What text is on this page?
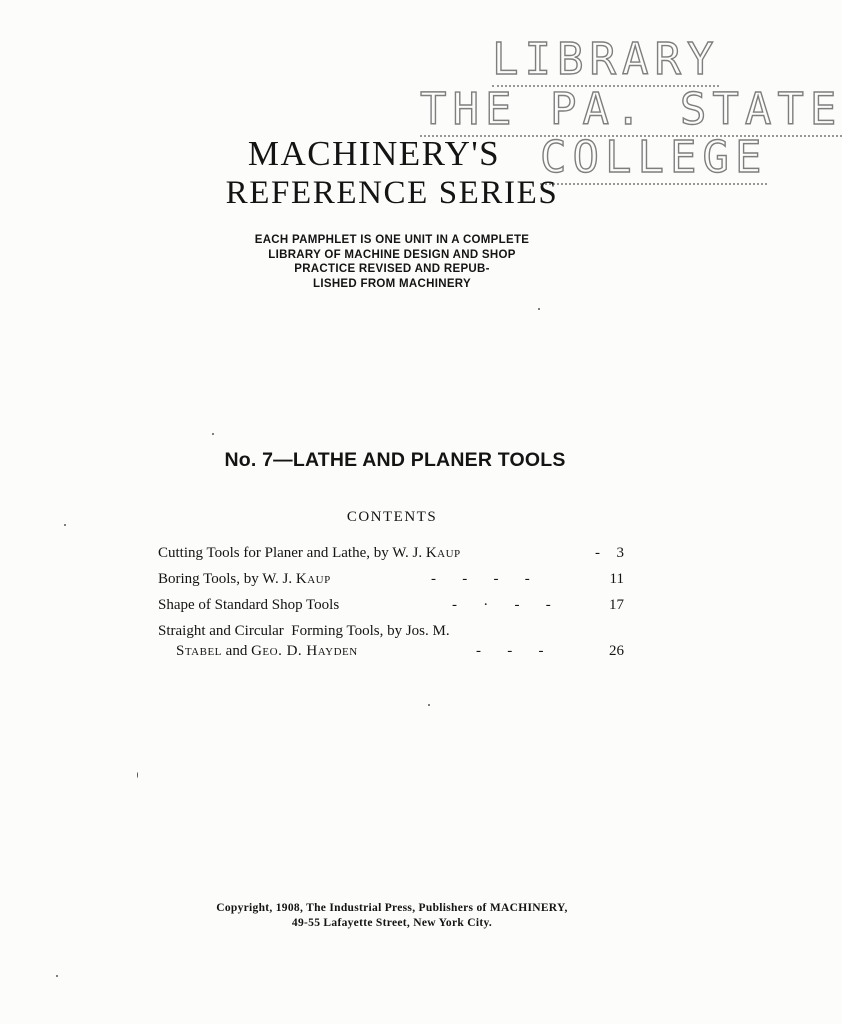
LIBRARY
THE PA. STATE
COLLEGE
MACHINERY'S
REFERENCE SERIES
EACH PAMPHLET IS ONE UNIT IN A COMPLETE
LIBRARY OF MACHINE DESIGN AND SHOP
PRACTICE REVISED AND REPUB-
LISHED FROM MACHINERY
No. 7—LATHE AND PLANER TOOLS
CONTENTS
Cutting Tools for Planer and Lathe, by W. J. Kaup	- 3
Boring Tools, by W. J. Kaup	-       -       -       -	11
Shape of Standard Shop Tools	-       ·       -       -	17
Straight and Circular  Forming Tools, by Jos. M.
Stabel and Geo. D. Hayden	-       -       -	26
Copyright, 1908, The Industrial Press, Publishers of MACHINERY,
49-55 Lafayette Street, New York City.
